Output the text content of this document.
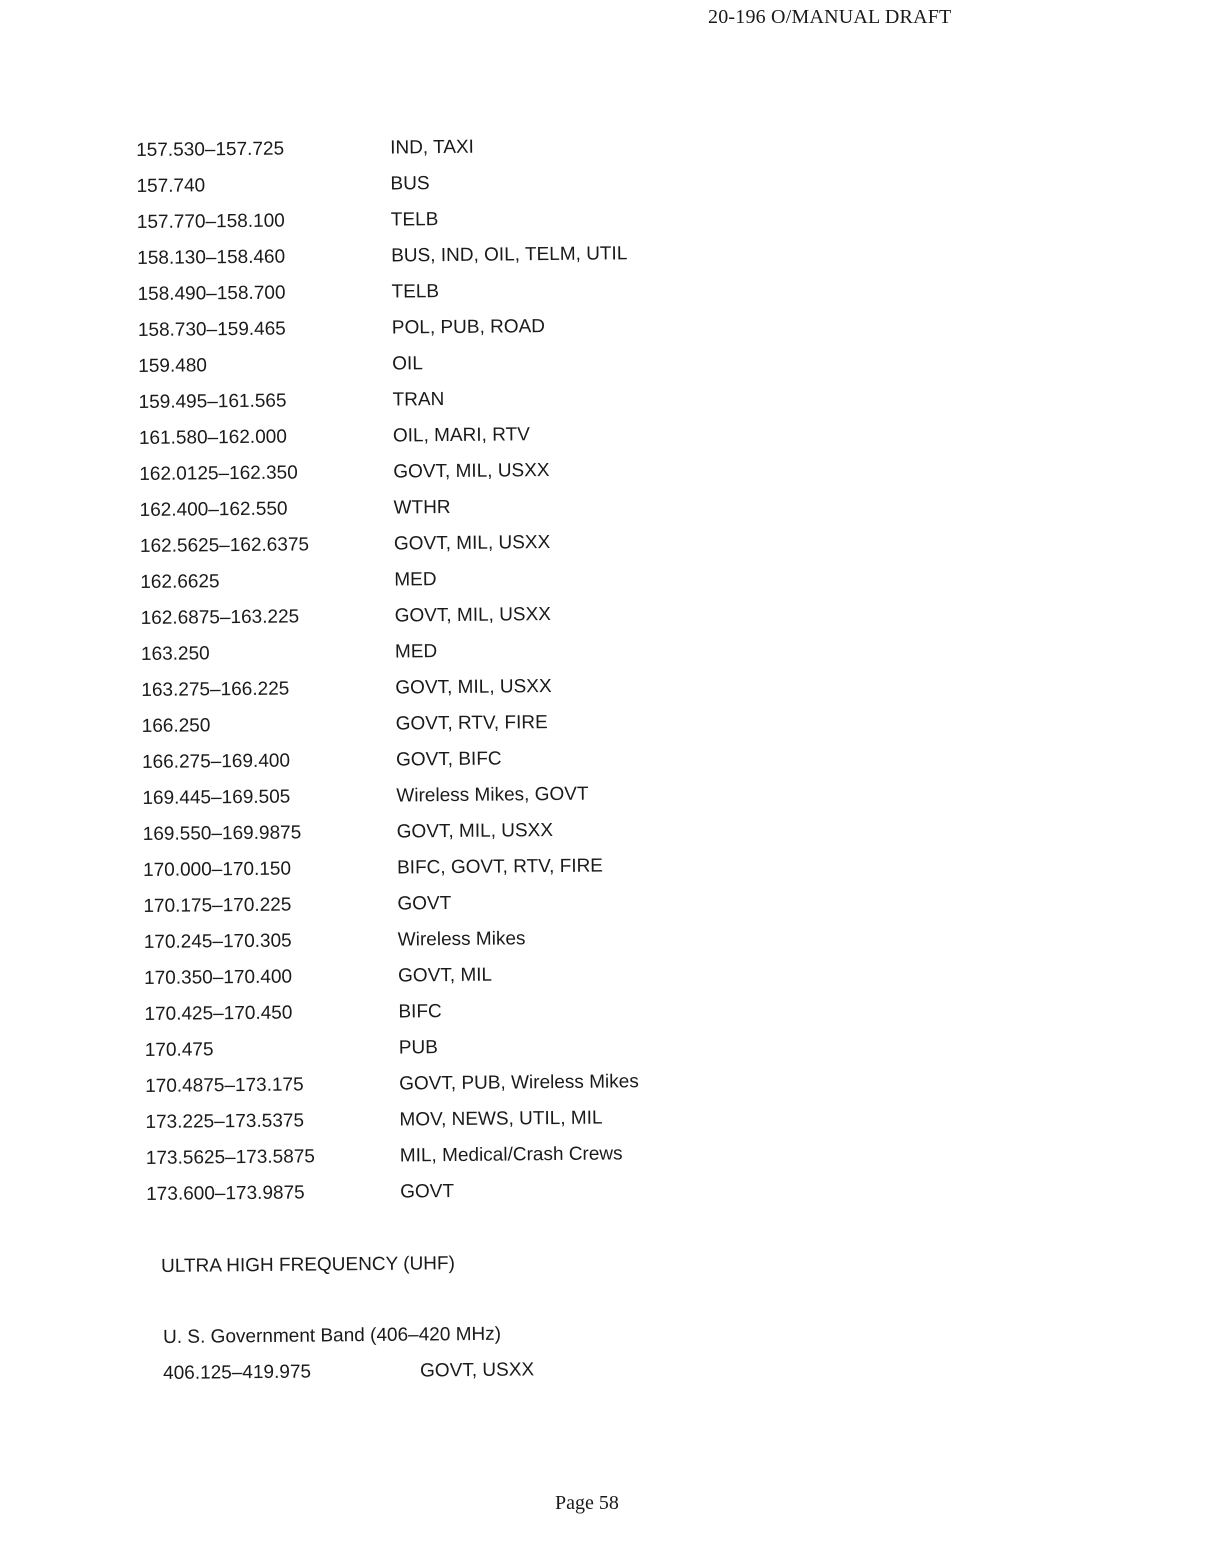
20-196 O/MANUAL DRAFT
157.530–157.725	IND, TAXI
157.740	BUS
157.770–158.100	TELB
158.130–158.460	BUS, IND, OIL, TELM, UTIL
158.490–158.700	TELB
158.730–159.465	POL, PUB, ROAD
159.480	OIL
159.495–161.565	TRAN
161.580–162.000	OIL, MARI, RTV
162.0125–162.350	GOVT, MIL, USXX
162.400–162.550	WTHR
162.5625–162.6375	GOVT, MIL, USXX
162.6625	MED
162.6875–163.225	GOVT, MIL, USXX
163.250	MED
163.275–166.225	GOVT, MIL, USXX
166.250	GOVT, RTV, FIRE
166.275–169.400	GOVT, BIFC
169.445–169.505	Wireless Mikes, GOVT
169.550–169.9875	GOVT, MIL, USXX
170.000–170.150	BIFC, GOVT, RTV, FIRE
170.175–170.225	GOVT
170.245–170.305	Wireless Mikes
170.350–170.400	GOVT, MIL
170.425–170.450	BIFC
170.475	PUB
170.4875–173.175	GOVT, PUB, Wireless Mikes
173.225–173.5375	MOV, NEWS, UTIL, MIL
173.5625–173.5875	MIL, Medical/Crash Crews
173.600–173.9875	GOVT
ULTRA HIGH FREQUENCY (UHF)
U. S. Government Band (406–420 MHz)
406.125–419.975	GOVT, USXX
Page 58
